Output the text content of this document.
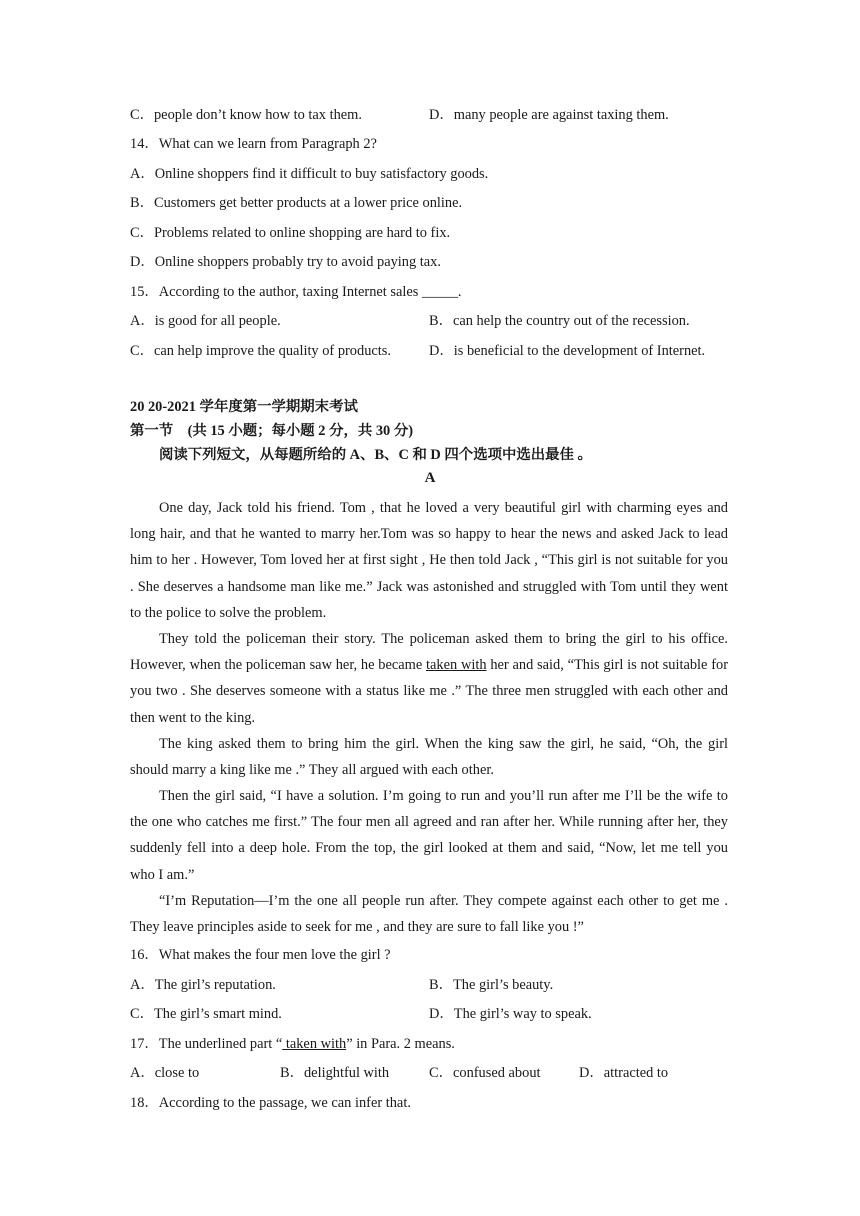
C．people don’t know how to tax them.	D．many people are against taxing them.
14．What can we learn from Paragraph 2?
A．Online shoppers find it difficult to buy satisfactory goods.
B．Customers get better products at a lower price online.
C．Problems related to online shopping are hard to fix.
D．Online shoppers probably try to avoid paying tax.
15．According to the author, taxing Internet sales _____.
A．is good for all people.	B．can help the country out of the recession.
C．can help improve the quality of products.	D．is beneficial to the development of Internet.
20 20-2021 学年度第一学期期末考试
第一节　(共 15 小题；每小题 2 分，共 30 分)
阅读下列短文，从每题所给的 A、B、C 和 D 四个选项中选出最佳 。
A
One day, Jack told his friend. Tom , that he loved a very beautiful girl with charming eyes and long hair, and that he wanted to marry her.Tom was so happy to hear the news and asked Jack to lead him to her . However, Tom loved her at first sight , He then told Jack , “This girl is not suitable for you . She deserves a handsome man like me.” Jack was astonished and struggled with Tom until they went to the police to solve the problem.
They told the policeman their story. The policeman asked them to bring the girl to his office. However, when the policeman saw her, he became taken with her and said, “This girl is not suitable for you two . She deserves someone with a status like me .” The three men struggled with each other and then went to the king.
The king asked them to bring him the girl. When the king saw the girl, he said, “Oh, the girl should marry a king like me .” They all argued with each other.
Then the girl said, “I have a solution. I’m going to run and you’ll run after me I’ll be the wife to the one who catches me first.” The four men all agreed and ran after her. While running after her, they suddenly fell into a deep hole. From the top, the girl looked at them and said, “Now, let me tell you who I am.”
“I’m Reputation—I’m the one all people run after. They compete against each other to get me . They leave principles aside to seek for me , and they are sure to fall like you !”
16．What makes the four men love the girl ?
A．The girl’s reputation.	B．The girl’s beauty.
C．The girl’s smart mind.	D．The girl’s way to speak.
17．The underlined part “ taken with” in Para. 2 means.
A．close to	B．delightful with	C．confused about	D．attracted to
18．According to the passage, we can infer that.
